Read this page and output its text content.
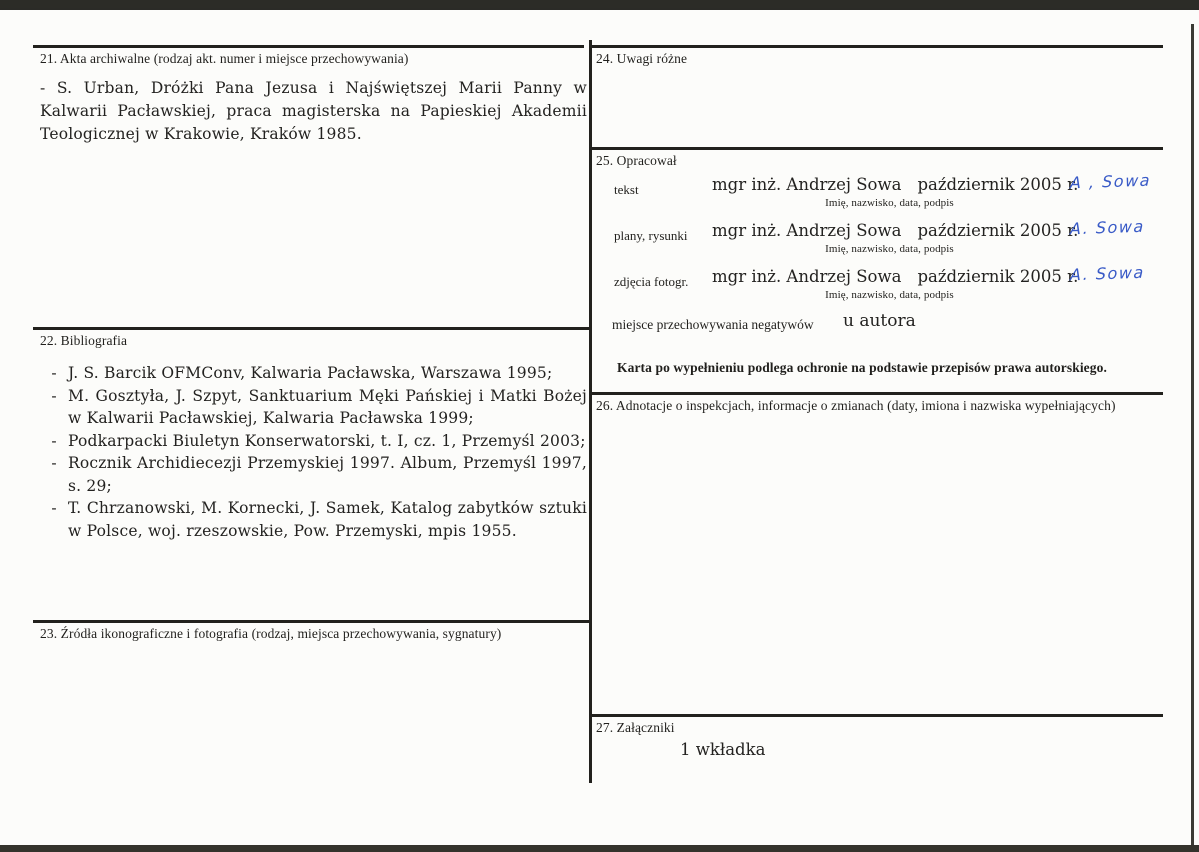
21. Akta archiwalne (rodzaj akt. numer i miejsce przechowywania)
- S. Urban, Dróżki Pana Jezusa i Najświętszej Marii Panny w Kalwarii Pacławskiej, praca magisterska na Papieskiej Akademii Teologicznej w Krakowie, Kraków 1985.
22. Bibliografia
- J. S. Barcik OFMConv, Kalwaria Pacławska, Warszawa 1995;
- M. Gosztyła, J. Szpyt, Sanktuarium Męki Pańskiej i Matki Bożej w Kalwarii Pacławskiej, Kalwaria Pacławska 1999;
- Podkarpacki Biuletyn Konserwatorski, t. I, cz. 1, Przemyśl 2003;
- Rocznik Archidiecezji Przemyskiej 1997. Album, Przemyśl 1997, s. 29;
- T. Chrzanowski, M. Kornecki, J. Samek, Katalog zabytków sztuki w Polsce, woj. rzeszowskie, Pow. Przemyski, mpis 1955.
23. Źródła ikonograficzne i fotografia (rodzaj, miejsca przechowywania, sygnatury)
24. Uwagi różne
25. Opracował
tekst	mgr inż. Andrzej Sowa październik 2005 r.
Imię, nazwisko, data, podpis
A , Sowa
plany, rysunki mgr inż. Andrzej Sowa październik 2005 r.
Imię, nazwisko, data, podpis
A. Sowa
zdjęcia fotogr. mgr inż. Andrzej Sowa październik 2005 r.
Imię, nazwisko, data, podpis
A. Sowa
miejsce przechowywania negatywów u autora
Karta po wypełnieniu podlega ochronie na podstawie przepisów prawa autorskiego.
26. Adnotacje o inspekcjach, informacje o zmianach (daty, imiona i nazwiska wypełniających)
27. Załączniki
1 wkładka
